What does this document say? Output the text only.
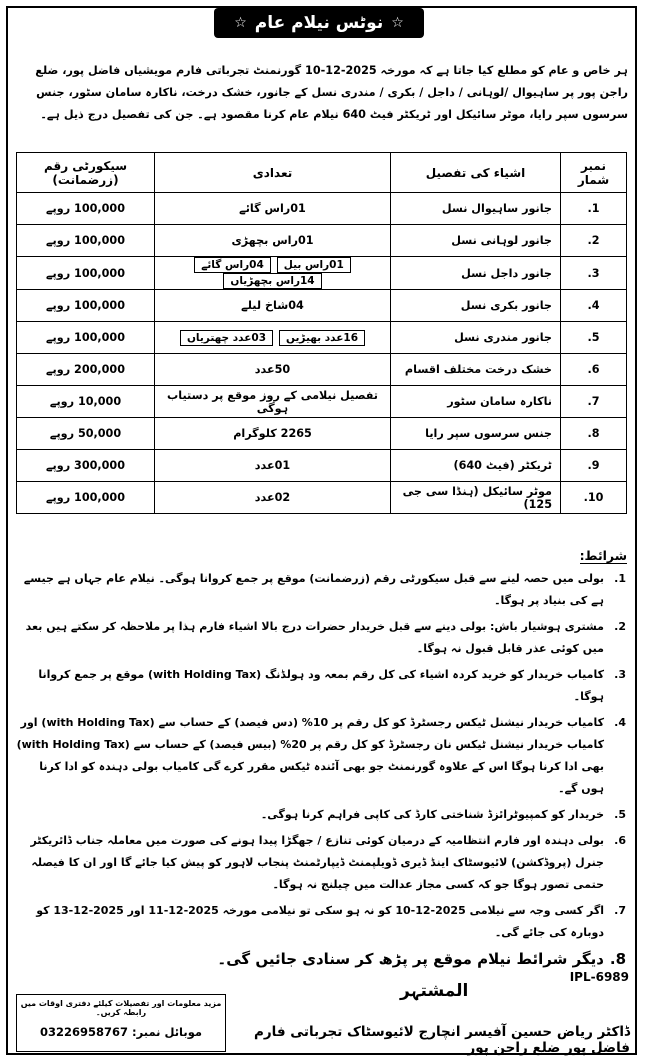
☆
نوٹس نیلام عام
☆
ہر خاص و عام کو مطلع کیا جاتا ہے کہ مورخہ 2025-12-10 گورنمنٹ تجرباتی فارم مویشیاں فاضل پور، ضلع راجن پور پر ساہیوال /لوہانی / داجل / بکری / مندری نسل کے جانور، خشک درخت، ناکارہ سامان سٹور، جنس سرسوں سپر رایا، موٹر سائیکل اور ٹریکٹر فیٹ 640 نیلام عام کرنا مقصود ہے۔ جن کی تفصیل درج ذیل ہے۔
نمبر شمار	اشیاء کی تفصیل	تعدادی	سیکورٹی رقم (زرضمانت)
1.	جانور ساہیوال نسل	01راس گائے	100,000 روپے
2.	جانور لوہانی نسل	01راس بچھڑی	100,000 روپے
3.	جانور داجل نسل	01راس بیل04راس گائے14راس بچھڑیاں	100,000 روپے
4.	جانور بکری نسل	04شاخ لیلے	100,000 روپے
5.	جانور مندری نسل	16عدد بھیڑیں03عدد چھتریاں	100,000 روپے
6.	خشک درخت مختلف اقسام	50عدد	200,000 روپے
7.	ناکارہ سامان سٹور	تفصیل نیلامی کے روز موقع پر دستیاب ہوگی	10,000 روپے
8.	جنس سرسوں سپر رایا	2265 کلوگرام	50,000 روپے
9.	ٹریکٹر (فیٹ 640)	01عدد	300,000 روپے
10.	موٹر سائیکل (ہنڈا سی جی 125)	02عدد	100,000 روپے
شرائط:
1.
بولی میں حصہ لینے سے قبل سیکورٹی رقم (زرضمانت) موقع پر جمع کروانا ہوگی۔ نیلام عام جہاں ہے جیسے ہے کی بنیاد پر ہوگا۔
2.
مشتری ہوشیار باش: بولی دینے سے قبل خریدار حضرات درج بالا اشیاء فارم ہذا پر ملاحظہ کر سکتے ہیں بعد میں کوئی عذر قابل قبول نہ ہوگا۔
3.
کامیاب خریدار کو خرید کردہ اشیاء کی کل رقم بمعہ ود ہولڈنگ (with Holding Tax) موقع پر جمع کروانا ہوگا۔
4.
کامیاب خریدار نیشنل ٹیکس رجسٹرڈ کو کل رقم پر 10% (دس فیصد) کے حساب سے (with Holding Tax) اور کامیاب خریدار نیشنل ٹیکس نان رجسٹرڈ کو کل رقم پر 20% (بیس فیصد) کے حساب سے (with Holding Tax) بھی ادا کرنا ہوگا اس کے علاوہ گورنمنٹ جو بھی آئندہ ٹیکس مقرر کرے گی کامیاب بولی دہندہ کو ادا کرنا ہوں گے۔
5.
خریدار کو کمپیوٹرائزڈ شناختی کارڈ کی کاپی فراہم کرنا ہوگی۔
6.
بولی دہندہ اور فارم انتظامیہ کے درمیان کوئی تنازع / جھگڑا پیدا ہونے کی صورت میں معاملہ جناب ڈائریکٹر جنرل (پروڈکشن) لائیوسٹاک اینڈ ڈیری ڈویلپمنٹ ڈیپارٹمنٹ پنجاب لاہور کو پیش کیا جائے گا اور ان کا فیصلہ حتمی تصور ہوگا جو کہ کسی مجاز عدالت میں چیلنج نہ ہوگا۔
7.
اگر کسی وجہ سے نیلامی 2025-12-10 کو نہ ہو سکی تو نیلامی مورخہ 2025-12-11 اور 2025-12-13 کو دوبارہ کی جائے گی۔
8.
دیگر شرائط نیلام موقع پر پڑھ کر سنادی جائیں گی۔
IPL-6989
المشتہر
مزید معلومات اور تفصیلات کیلئے دفتری اوقات میں رابطہ کریں۔
موبائل نمبر: 03226958767	ڈاکٹر ریاض حسین آفیسر انچارج لائیوسٹاک تجرباتی فارم فاضل پور ضلع راجن پور
